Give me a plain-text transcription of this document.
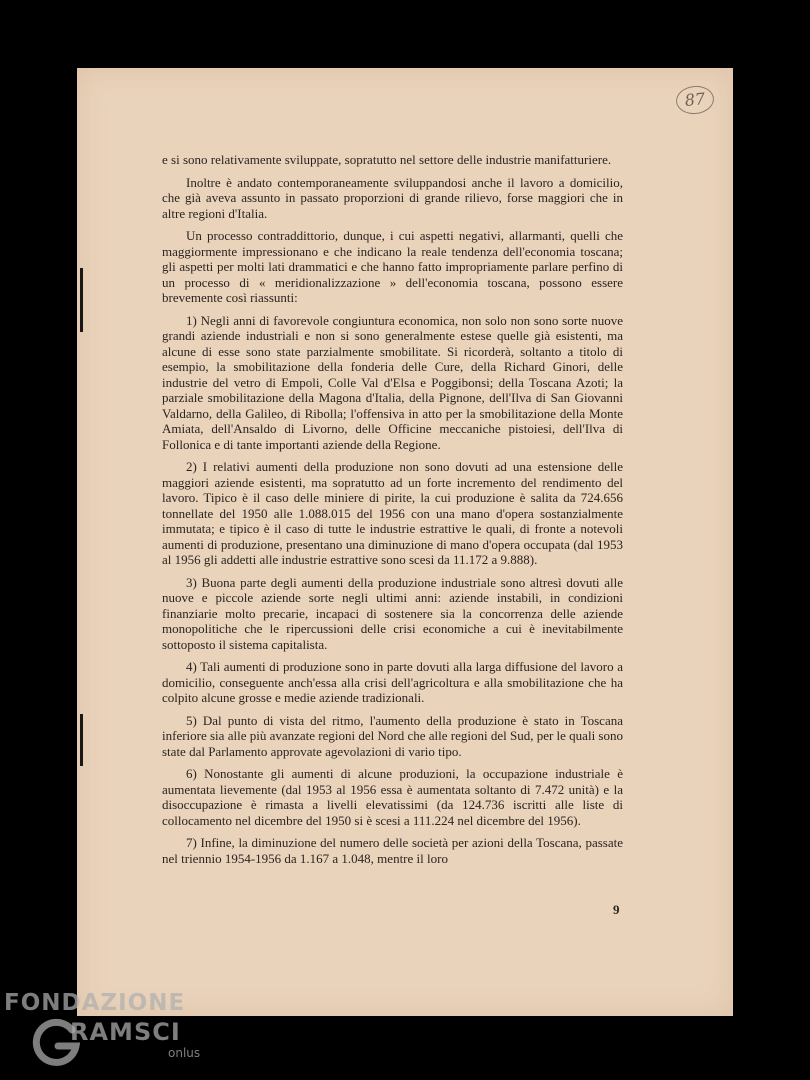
87

e si sono relativamente sviluppate, sopratutto nel settore delle industrie manifatturiere.

Inoltre è andato contemporaneamente sviluppandosi anche il lavoro a domicilio, che già aveva assunto in passato proporzioni di grande rilievo, forse maggiori che in altre regioni d'Italia.

Un processo contraddittorio, dunque, i cui aspetti negativi, allarmanti, quelli che maggiormente impressionano e che indicano la reale tendenza dell'economia toscana; gli aspetti per molti lati drammatici e che hanno fatto impropriamente parlare perfino di un processo di « meridionalizzazione » dell'economia toscana, possono essere brevemente così riassunti:

1) Negli anni di favorevole congiuntura economica, non solo non sono sorte nuove grandi aziende industriali e non si sono generalmente estese quelle già esistenti, ma alcune di esse sono state parzialmente smobilitate. Si ricorderà, soltanto a titolo di esempio, la smobilitazione della fonderia delle Cure, della Richard Ginori, delle industrie del vetro di Empoli, Colle Val d'Elsa e Poggibonsi; della Toscana Azoti; la parziale smobilitazione della Magona d'Italia, della Pignone, dell'Ilva di San Giovanni Valdarno, della Galileo, di Ribolla; l'offensiva in atto per la smobilitazione della Monte Amiata, dell'Ansaldo di Livorno, delle Officine meccaniche pistoiesi, dell'Ilva di Follonica e di tante importanti aziende della Regione.

2) I relativi aumenti della produzione non sono dovuti ad una estensione delle maggiori aziende esistenti, ma sopratutto ad un forte incremento del rendimento del lavoro. Tipico è il caso delle miniere di pirite, la cui produzione è salita da 724.656 tonnellate del 1950 alle 1.088.015 del 1956 con una mano d'opera sostanzialmente immutata; e tipico è il caso di tutte le industrie estrattive le quali, di fronte a notevoli aumenti di produzione, presentano una diminuzione di mano d'opera occupata (dal 1953 al 1956 gli addetti alle industrie estrattive sono scesi da 11.172 a 9.888).

3) Buona parte degli aumenti della produzione industriale sono altresì dovuti alle nuove e piccole aziende sorte negli ultimi anni: aziende instabili, in condizioni finanziarie molto precarie, incapaci di sostenere sia la concorrenza delle aziende monopolitiche che le ripercussioni delle crisi economiche a cui è inevitabilmente sottoposto il sistema capitalista.

4) Tali aumenti di produzione sono in parte dovuti alla larga diffusione del lavoro a domicilio, conseguente anch'essa alla crisi dell'agricoltura e alla smobilitazione che ha colpito alcune grosse e medie aziende tradizionali.

5) Dal punto di vista del ritmo, l'aumento della produzione è stato in Toscana inferiore sia alle più avanzate regioni del Nord che alle regioni del Sud, per le quali sono state dal Parlamento approvate agevolazioni di vario tipo.

6) Nonostante gli aumenti di alcune produzioni, la occupazione industriale è aumentata lievemente (dal 1953 al 1956 essa è aumentata soltanto di 7.472 unità) e la disoccupazione è rimasta a livelli elevatissimi (da 124.736 iscritti alle liste di collocamento nel dicembre del 1950 si è scesi a 111.224 nel dicembre del 1956).

7) Infine, la diminuzione del numero delle società per azioni della Toscana, passate nel triennio 1954-1956 da 1.167 a 1.048, mentre il loro

9
FONDAZIONE
RAMSCI
onlus
